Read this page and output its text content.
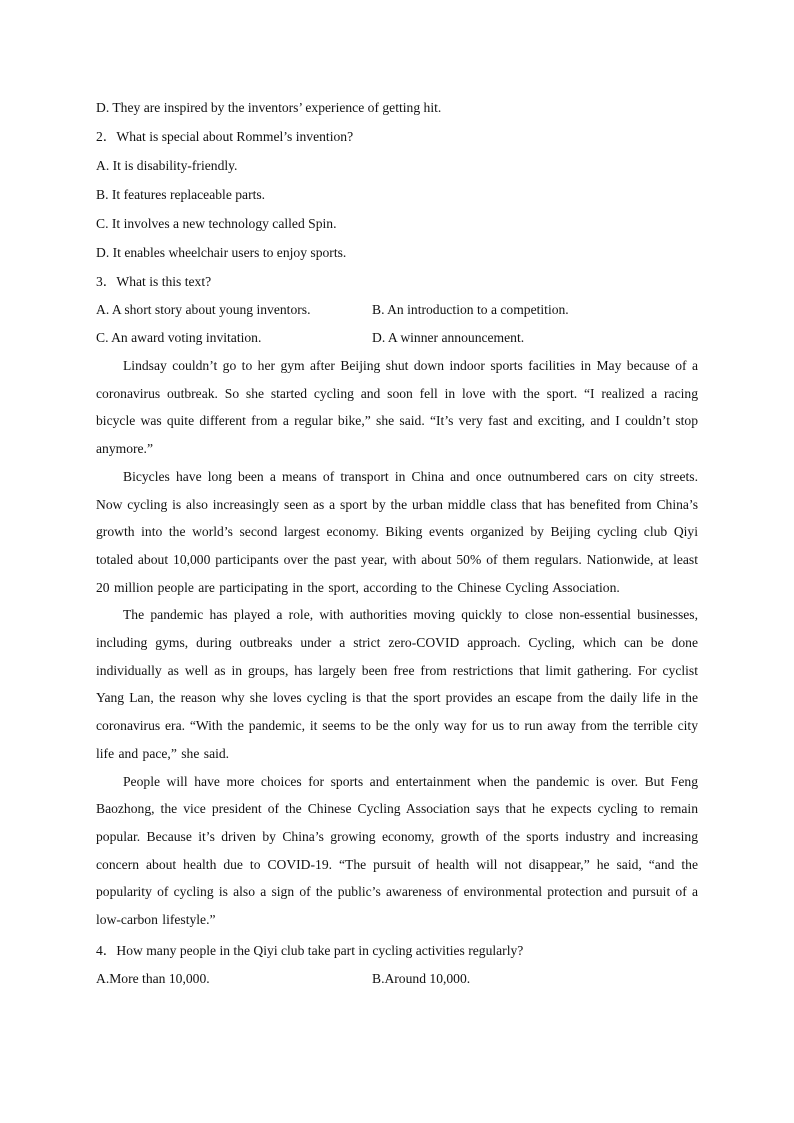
D. They are inspired by the inventors’ experience of getting hit.

2．What is special about Rommel’s invention?

A. It is disability-friendly.

B. It features replaceable parts.

C. It involves a new technology called Spin.

D. It enables wheelchair users to enjoy sports.

3．What is this text?

A. A short story about young inventors.	B. An introduction to a competition.
C. An award voting invitation.	D. A winner announcement.

Lindsay couldn’t go to her gym after Beijing shut down indoor sports facilities in May because of a coronavirus outbreak. So she started cycling and soon fell in love with the sport. “I realized a racing bicycle was quite different from a regular bike,” she said. “It’s very fast and exciting, and I couldn’t stop anymore.”

Bicycles have long been a means of transport in China and once outnumbered cars on city streets. Now cycling is also increasingly seen as a sport by the urban middle class that has benefited from China’s growth into the world’s second largest economy. Biking events organized by Beijing cycling club Qiyi totaled about 10,000 participants over the past year, with about 50% of them regulars. Nationwide, at least 20 million people are participating in the sport, according to the Chinese Cycling Association.

The pandemic has played a role, with authorities moving quickly to close non-essential businesses, including gyms, during outbreaks under a strict zero-COVID approach. Cycling, which can be done individually as well as in groups, has largely been free from restrictions that limit gathering. For cyclist Yang Lan, the reason why she loves cycling is that the sport provides an escape from the daily life in the coronavirus era. “With the pandemic, it seems to be the only way for us to run away from the terrible city life and pace,” she said.

People will have more choices for sports and entertainment when the pandemic is over. But Feng Baozhong, the vice president of the Chinese Cycling Association says that he expects cycling to remain popular. Because it’s driven by China’s growing economy, growth of the sports industry and increasing concern about health due to COVID-19. “The pursuit of health will not disappear,” he said, “and the popularity of cycling is also a sign of the public’s awareness of environmental protection and pursuit of a low-carbon lifestyle.”

4．How many people in the Qiyi club take part in cycling activities regularly?

A.More than 10,000.	B.Around 10,000.
